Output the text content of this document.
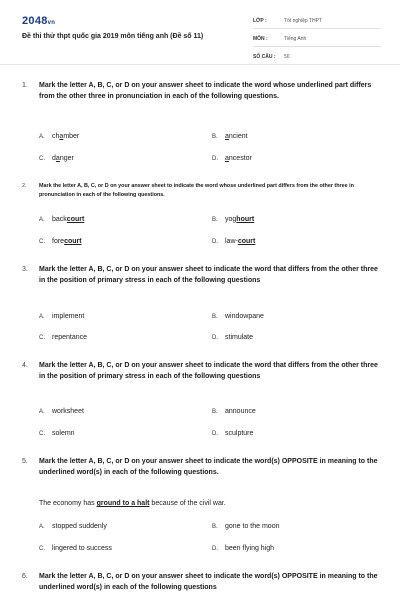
2048vn
Đề thi thử thpt quốc gia 2019 môn tiếng anh (Đề số 11)
LỚP :	Tốt nghiệp THPT
MÔN :	Tiếng Anh
SỐ CÂU :	50
1.	Mark the letter A, B, C, or D on your answer sheet to indicate the word whose underlined part differs from the other three in pronunciation in each of the following questions.
A. chamber	B. ancient
C. danger	D. ancestor
2.	Mark the letter A, B, C, or D on your answer sheet to indicate the word whose underlined part differs from the other three in pronunciation in each of the following questions.
A. backcourt	B. yoghourt
C. forecourt	D. law-court
3.	Mark the letter A, B, C, or D on your answer sheet to indicate the word that differs from the other three in the position of primary stress in each of the following questions
A. implement	B. windowpane
C. repentance	D. stimulate
4.	Mark the letter A, B, C, or D on your answer sheet to indicate the word that differs from the other three in the position of primary stress in each of the following questions
A. worksheet	B. announce
C. solemn	D. sculpture
5.	Mark the letter A, B, C, or D on your answer sheet to indicate the word(s) OPPOSITE in meaning to the underlined word(s) in each of the following questions.
The economy has ground to a halt because of the civil war.
A. stopped suddenly	B. gone to the moon
C. lingered to success	D. been flying high
6.	Mark the letter A, B, C, or D on your answer sheet to indicate the word(s) OPPOSITE in meaning to the underlined word(s) in each of the following questions
